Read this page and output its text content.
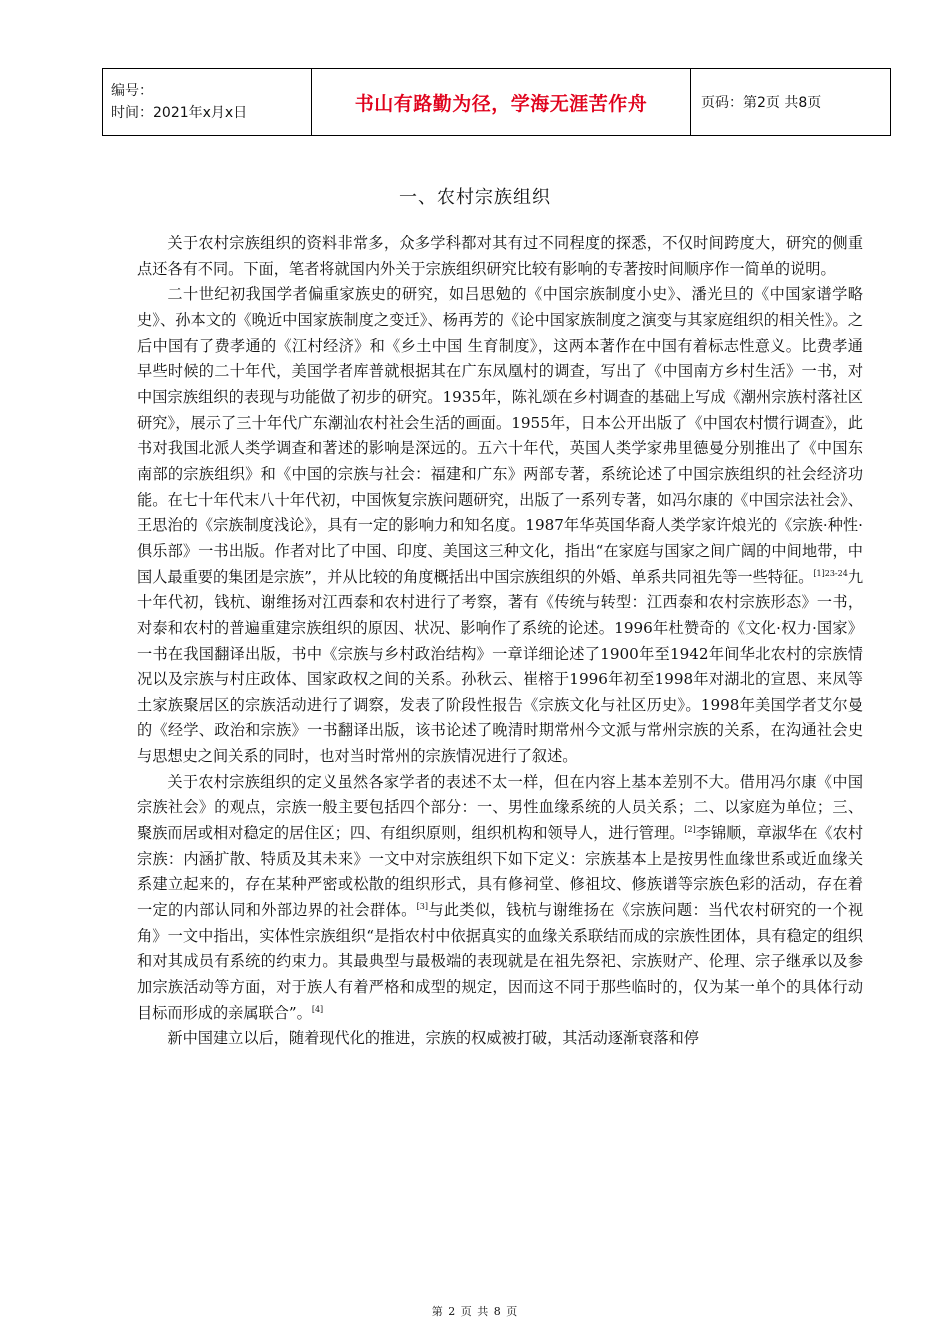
编号：
时间：2021年x月x日	书山有路勤为径，学海无涯苦作舟	页码：第2页 共8页
一、农村宗族组织

关于农村宗族组织的资料非常多，众多学科都对其有过不同程度的探悉，不仅时间跨度大，研究的侧重点还各有不同。下面，笔者将就国内外关于宗族组织研究比较有影响的专著按时间顺序作一简单的说明。

二十世纪初我国学者偏重家族史的研究，如吕思勉的《中国宗族制度小史》、潘光旦的《中国家谱学略史》、孙本文的《晚近中国家族制度之变迁》、杨再芳的《论中国家族制度之演变与其家庭组织的相关性》。之后中国有了费孝通的《江村经济》和《乡土中国 生育制度》，这两本著作在中国有着标志性意义。比费孝通早些时候的二十年代，美国学者库普就根据其在广东凤凰村的调查，写出了《中国南方乡村生活》一书，对中国宗族组织的表现与功能做了初步的研究。1935年，陈礼颂在乡村调查的基础上写成《潮州宗族村落社区研究》，展示了三十年代广东潮汕农村社会生活的画面。1955年，日本公开出版了《中国农村惯行调查》，此书对我国北派人类学调查和著述的影响是深远的。五六十年代，英国人类学家弗里德曼分别推出了《中国东南部的宗族组织》和《中国的宗族与社会：福建和广东》两部专著，系统论述了中国宗族组织的社会经济功能。在七十年代末八十年代初，中国恢复宗族问题研究，出版了一系列专著，如冯尔康的《中国宗法社会》、王思治的《宗族制度浅论》，具有一定的影响力和知名度。1987年华英国华裔人类学家许烺光的《宗族·种性·俱乐部》一书出版。作者对比了中国、印度、美国这三种文化，指出“在家庭与国家之间广阔的中间地带，中国人最重要的集团是宗族”，并从比较的角度概括出中国宗族组织的外婚、单系共同祖先等一些特征。$^{[1]23-24}$九十年代初，钱杭、谢维扬对江西泰和农村进行了考察，著有《传统与转型：江西泰和农村宗族形态》一书，对泰和农村的普遍重建宗族组织的原因、状况、影响作了系统的论述。1996年杜赞奇的《文化·权力·国家》一书在我国翻译出版，书中《宗族与乡村政治结构》一章详细论述了1900年至1942年间华北农村的宗族情况以及宗族与村庄政体、国家政权之间的关系。孙秋云、崔榕于1996年初至1998年对湖北的宣恩、来凤等土家族聚居区的宗族活动进行了调察，发表了阶段性报告《宗族文化与社区历史》。1998年美国学者艾尔曼的《经学、政治和宗族》一书翻译出版，该书论述了晚清时期常州今文派与常州宗族的关系，在沟通社会史与思想史之间关系的同时，也对当时常州的宗族情况进行了叙述。

关于农村宗族组织的定义虽然各家学者的表述不太一样，但在内容上基本差别不大。借用冯尔康《中国宗族社会》的观点，宗族一般主要包括四个部分：一、男性血缘系统的人员关系；二、以家庭为单位；三、聚族而居或相对稳定的居住区；四、有组织原则，组织机构和领导人，进行管理。[2]李锦顺，章淑华在《农村宗族：内涵扩散、特质及其未来》一文中对宗族组织下如下定义：宗族基本上是按男性血缘世系或近血缘关系建立起来的，存在某种严密或松散的组织形式，具有修祠堂、修祖坟、修族谱等宗族色彩的活动，存在着一定的内部认同和外部边界的社会群体。[3]与此类似，钱杭与谢维扬在《宗族问题：当代农村研究的一个视角》一文中指出，实体性宗族组织“是指农村中依据真实的血缘关系联结而成的宗族性团体，具有稳定的组织和对其成员有系统的约束力。其最典型与最极端的表现就是在祖先祭祀、宗族财产、伦理、宗子继承以及参加宗族活动等方面，对于族人有着严格和成型的规定，因而这不同于那些临时的，仅为某一单个的具体行动目标而形成的亲属联合”。[4]

新中国建立以后，随着现代化的推进，宗族的权威被打破，其活动逐渐衰落和停

第 2 页 共 8 页
